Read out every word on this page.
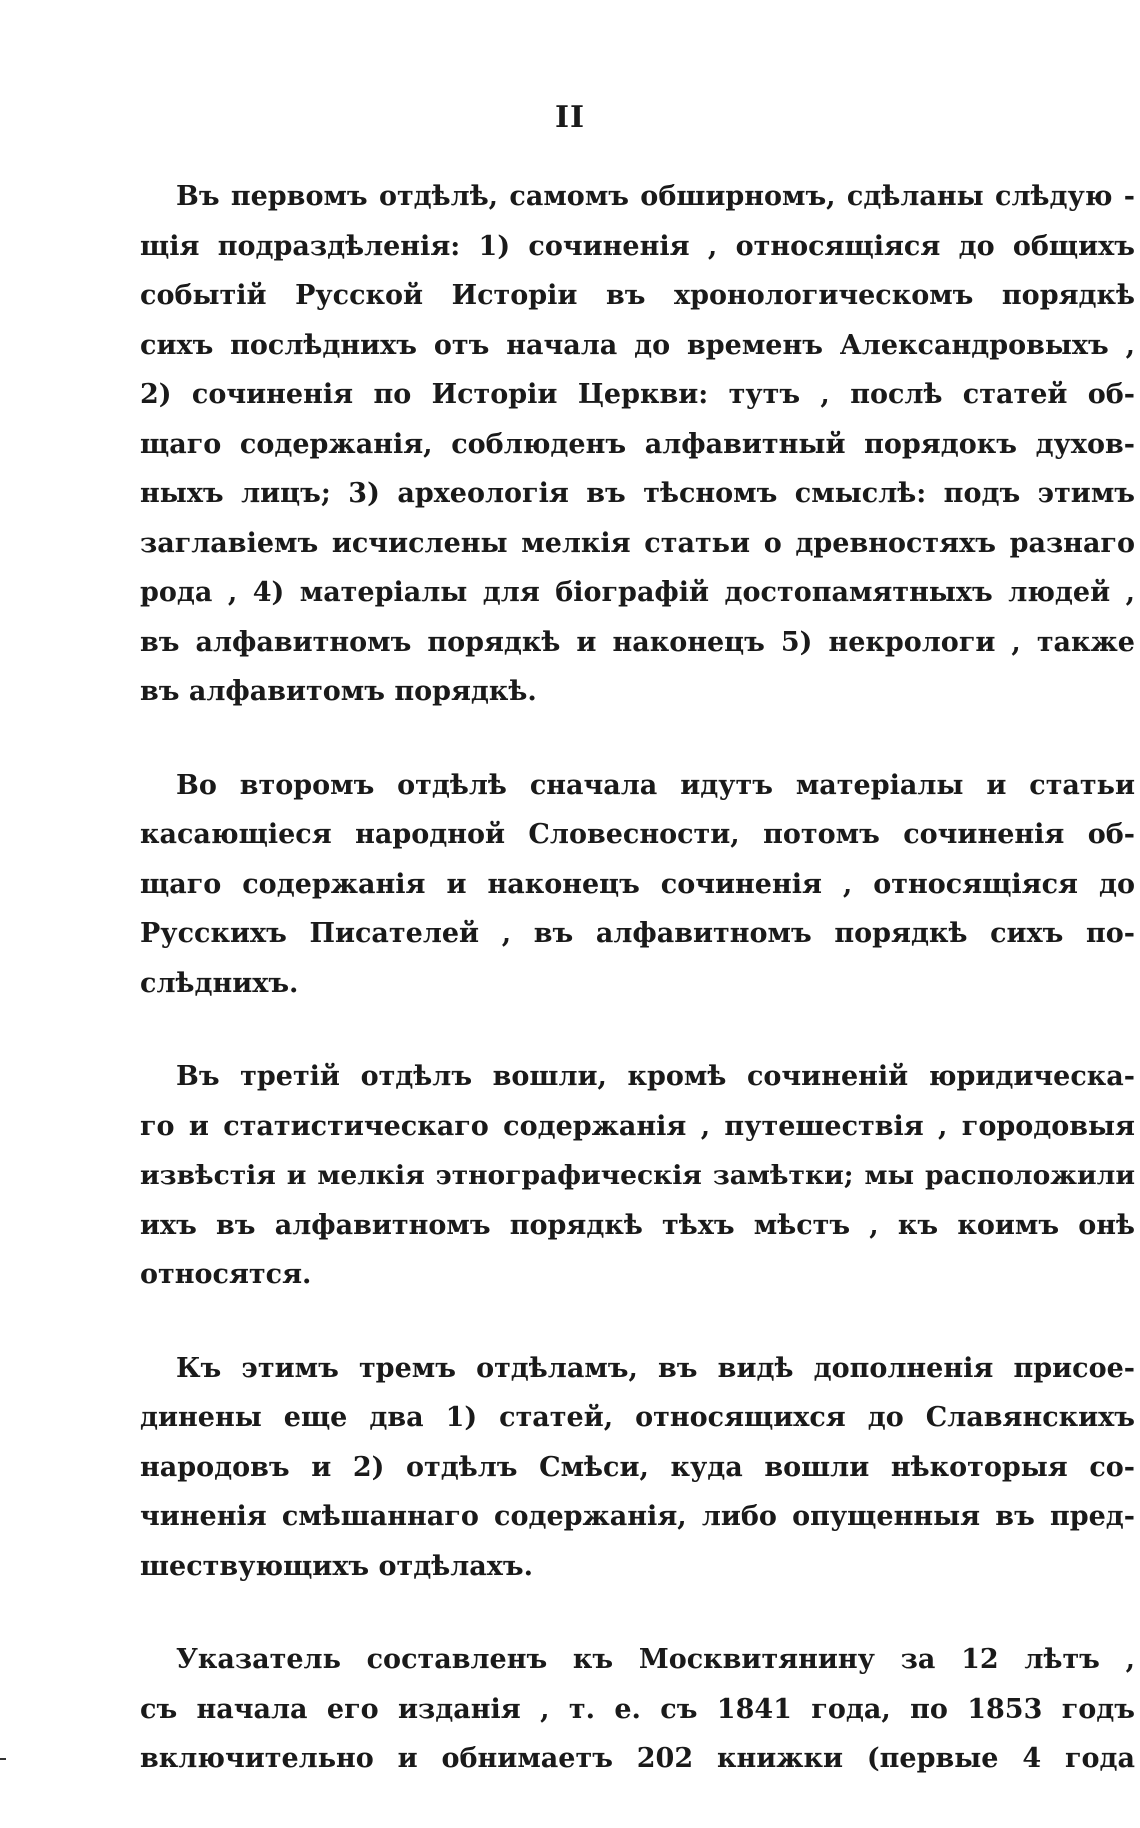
II

Въ первомъ отдѣлѣ, самомъ обширномъ, сдѣланы слѣдую -
щія подраздѣленія: 1) сочиненія , относящіяся до общихъ
событій Русской Исторіи въ хронологическомъ порядкѣ
сихъ послѣднихъ отъ начала до временъ Александровыхъ ,
2) сочиненія по Исторіи Церкви: тутъ , послѣ статей об-
щаго содержанія, соблюденъ алфавитный порядокъ духов-
ныхъ лицъ; 3) археологія въ тѣсномъ смыслѣ: подъ этимъ
заглавіемъ исчислены мелкія статьи о древностяхъ разнаго
рода , 4) матеріалы для біографій достопамятныхъ людей ,
въ алфавитномъ порядкѣ и наконецъ 5) некрологи , также
въ алфавитомъ порядкѣ.

Во второмъ отдѣлѣ сначала идутъ матеріалы и статьи
касающіеся народной Словесности, потомъ сочиненія об-
щаго содержанія и наконецъ сочиненія , относящіяся до
Русскихъ Писателей , въ алфавитномъ порядкѣ сихъ по-
слѣднихъ.

Въ третій отдѣлъ вошли, кромѣ сочиненій юридическа-
го и статистическаго содержанія , путешествія , городовыя
извѣстія и мелкія этнографическія замѣтки; мы расположили
ихъ въ алфавитномъ порядкѣ тѣхъ мѣстъ , къ коимъ онѣ
относятся.

Къ этимъ тремъ отдѣламъ, въ видѣ дополненія присое-
динены еще два 1) статей, относящихся до Славянскихъ
народовъ и 2) отдѣлъ Смѣси, куда вошли нѣкоторыя со-
чиненія смѣшаннаго содержанія, либо опущенныя въ пред-
шествующихъ отдѣлахъ.

Указатель составленъ къ Москвитянину за 12 лѣтъ ,
съ начала его изданія , т. е. съ 1841 года, по 1853 годъ
включительно и обнимаетъ 202 книжки (первые 4 года
